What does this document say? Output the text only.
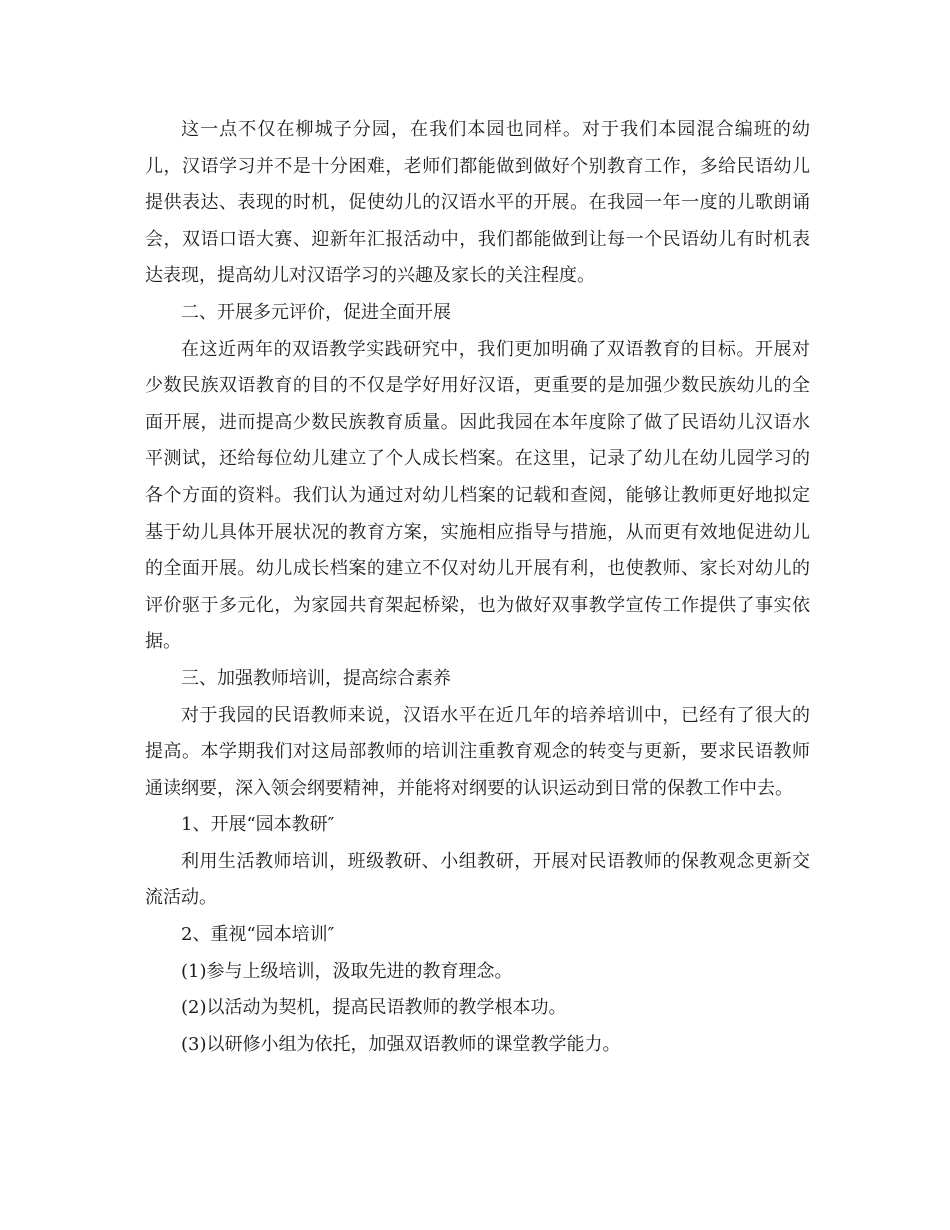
这一点不仅在柳城子分园，在我们本园也同样。对于我们本园混合编班的幼儿，汉语学习并不是十分困难，老师们都能做到做好个别教育工作，多给民语幼儿提供表达、表现的时机，促使幼儿的汉语水平的开展。在我园一年一度的儿歌朗诵会，双语口语大赛、迎新年汇报活动中，我们都能做到让每一个民语幼儿有时机表达表现，提高幼儿对汉语学习的兴趣及家长的关注程度。

二、开展多元评价，促进全面开展

在这近两年的双语教学实践研究中，我们更加明确了双语教育的目标。开展对少数民族双语教育的目的不仅是学好用好汉语，更重要的是加强少数民族幼儿的全面开展，进而提高少数民族教育质量。因此我园在本年度除了做了民语幼儿汉语水平测试，还给每位幼儿建立了个人成长档案。在这里，记录了幼儿在幼儿园学习的各个方面的资料。我们认为通过对幼儿档案的记载和查阅，能够让教师更好地拟定基于幼儿具体开展状况的教育方案，实施相应指导与措施，从而更有效地促进幼儿的全面开展。幼儿成长档案的建立不仅对幼儿开展有利，也使教师、家长对幼儿的评价驱于多元化，为家园共育架起桥梁，也为做好双事教学宣传工作提供了事实依据。

三、加强教师培训，提高综合素养

对于我园的民语教师来说，汉语水平在近几年的培养培训中，已经有了很大的提高。本学期我们对这局部教师的培训注重教育观念的转变与更新，要求民语教师通读纲要，深入领会纲要精神，并能将对纲要的认识运动到日常的保教工作中去。

1、开展“园本教研″

利用生活教师培训，班级教研、小组教研，开展对民语教师的保教观念更新交流活动。

2、重视“园本培训″

(1)参与上级培训，汲取先进的教育理念。

(2)以活动为契机，提高民语教师的教学根本功。

(3)以研修小组为依托，加强双语教师的课堂教学能力。
